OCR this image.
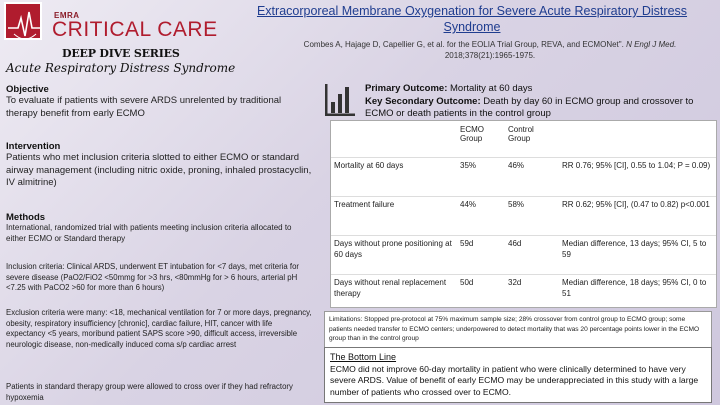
EMRA
CRITICAL CARE
DEEP DIVE SERIES
Acute Respiratory Distress Syndrome
Extracorporeal Membrane Oxygenation for Severe Acute Respiratory Distress Syndrome
Combes A, Hajage D, Capellier G, et al. for the EOLIA Trial Group, REVA, and ECMONet". N Engl J Med.
2018;378(21):1965-1975.
Objective
To evaluate if patients with severe ARDS unrelented by traditional therapy benefit from early ECMO
Intervention
Patients who met inclusion criteria slotted to either ECMO or standard airway management (including nitric oxide, proning, inhaled prostacyclin, IV almitrine)
Methods
International, randomized trial with patients meeting inclusion criteria allocated to either ECMO or Standard therapy
Inclusion criteria: Clinical ARDS, underwent ET intubation for <7 days, met criteria for severe disease (PaO2/FiO2 <50mmg for >3 hrs, <80mmHg for > 6 hours, arterial pH <7.25 with PaCO2 >60 for more than 6 hours)
Exclusion criteria were many: <18, mechanical ventilation for 7 or more days, pregnancy, obesity, respiratory insufficiency [chronic], cardiac failure, HIT, cancer with life expectancy <5 years, moribund patient SAPS score >90, difficult access, irreversible neurologic disease, non-medically induced coma s/p cardiac arrest
Patients in standard therapy group were allowed to cross over if they had refractory hypoxemia
Primary Outcome: Mortality at 60 days
Key Secondary Outcome: Death by day 60 in ECMO group and crossover to ECMO or death patients in the control group
	ECMO Group	Control Group	
Mortality at 60 days	35%	46%	RR 0.76; 95% [CI], 0.55 to 1.04; P = 0.09)
Treatment failure	44%	58%	RR 0.62; 95% [CI], (0.47 to 0.82) p<0.001
Days without prone positioning at 60 days	59d	46d	Median difference, 13 days; 95% CI, 5 to 59
Days without renal replacement therapy	50d	32d	Median difference, 18 days; 95% CI, 0 to 51
Limitations: Stopped pre-protocol at 75% maximum sample size; 28% crossover from control group to ECMO group; some patients needed transfer to ECMO centers; underpowered to detect mortality that was 20 percentage points lower in the ECMO group than in the control group
The Bottom Line
ECMO did not improve 60-day mortality in patient who were clinically determined to have very severe ARDS. Value of benefit of early ECMO may be underappreciated in this study with a large number of patients who crossed over to ECMO.
